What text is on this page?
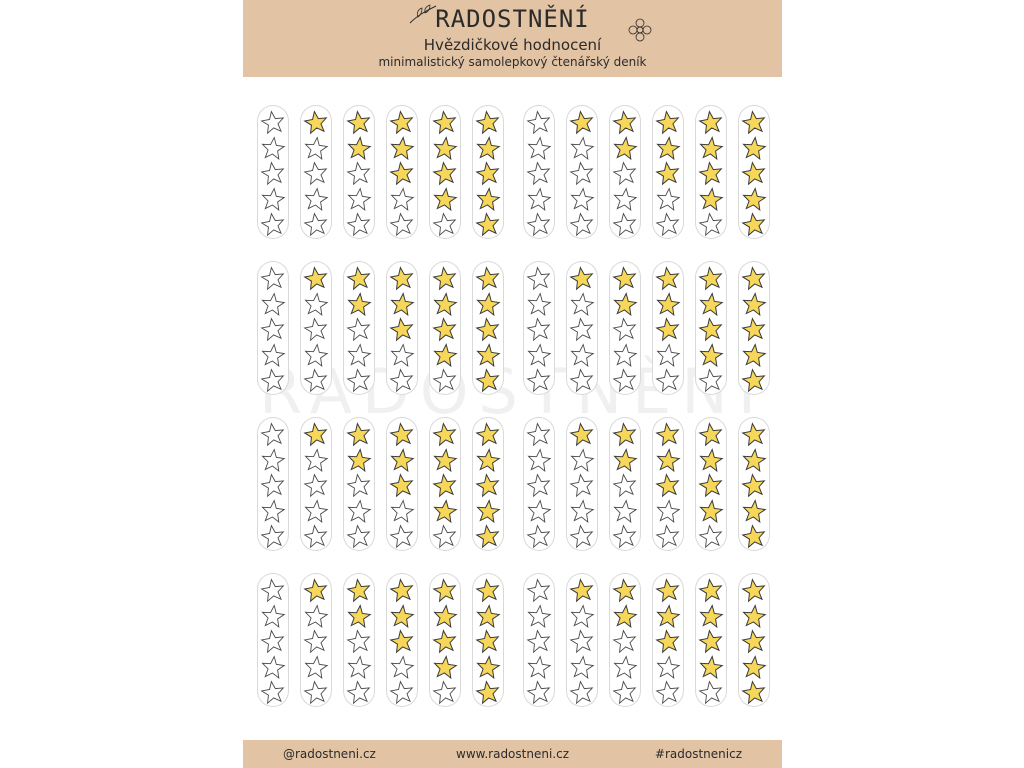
RADOSTNĚNÍ
Hvězdičkové hodnocení
minimalistický samolepkový čtenářský deník
RADOSTNĚNÍ
@radostneni.cz	www.radostneni.cz	#radostnenicz
